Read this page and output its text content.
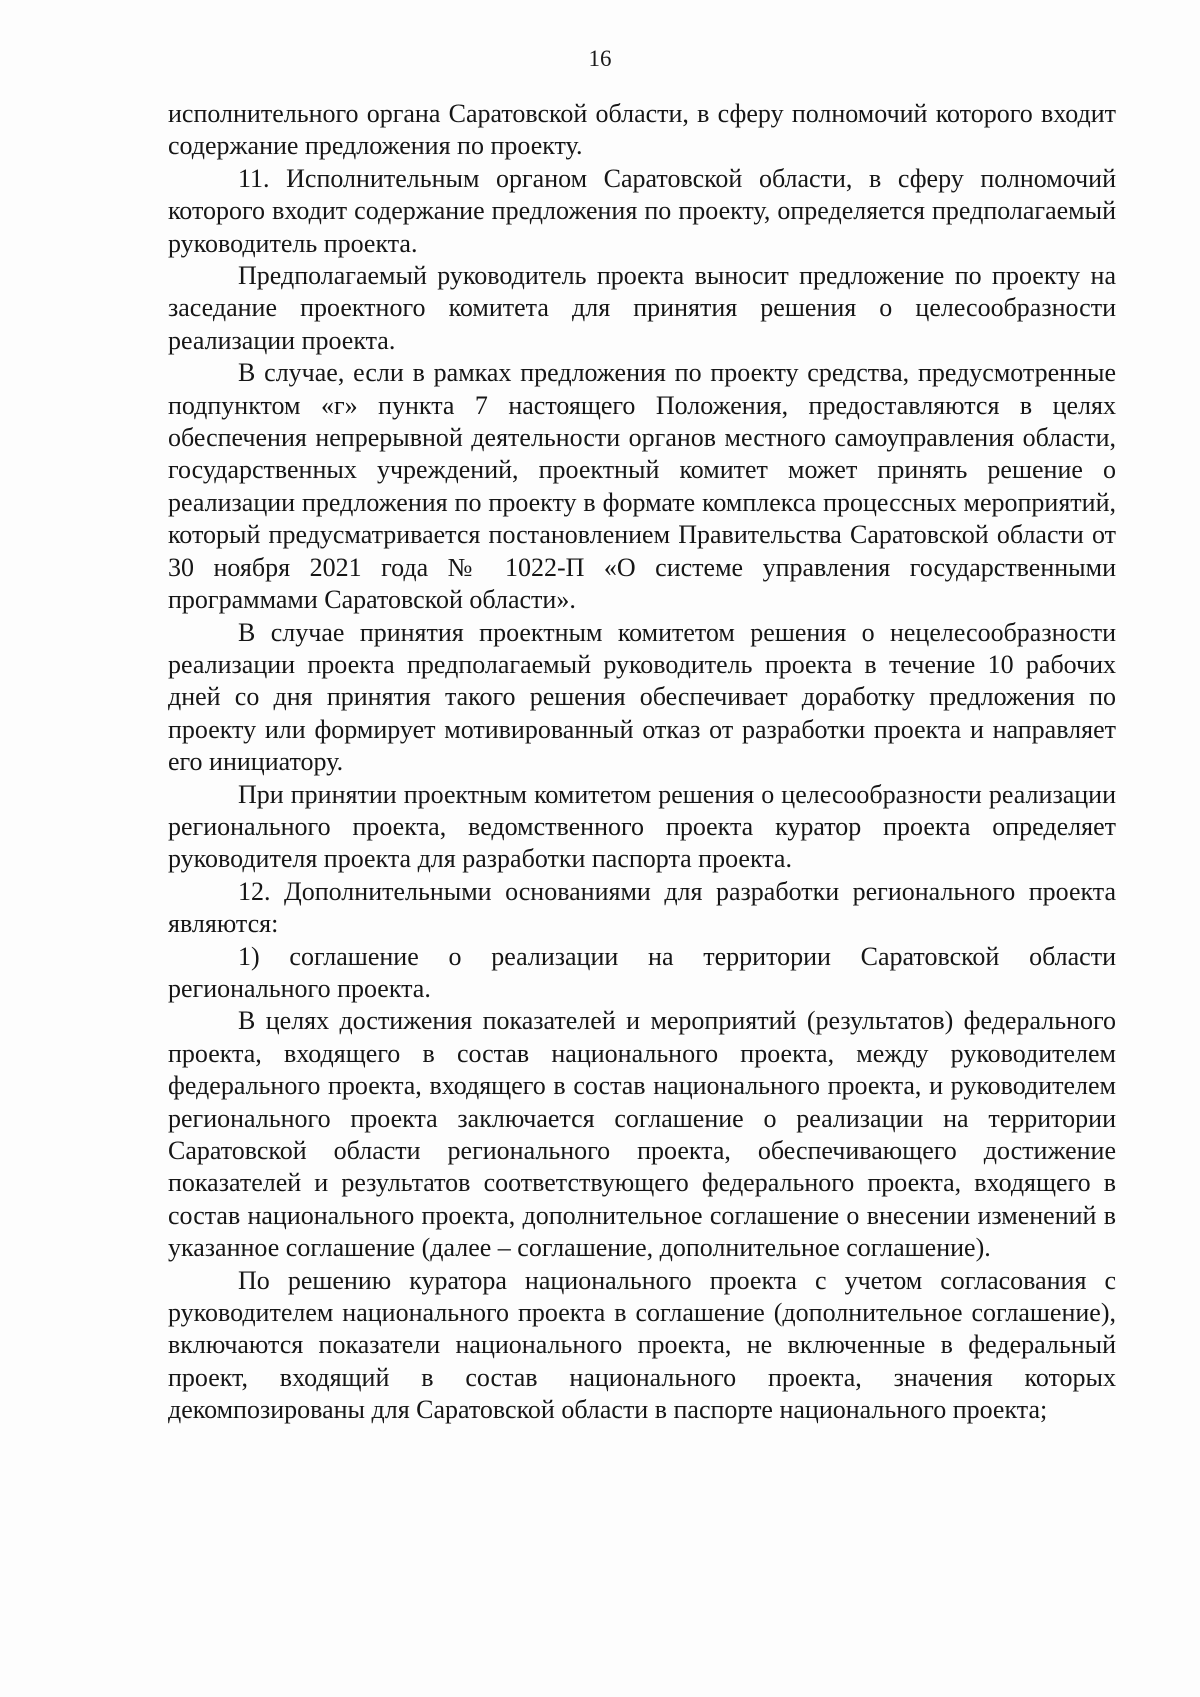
16

исполнительного органа Саратовской области, в сферу полномочий которого входит содержание предложения по проекту.

11. Исполнительным органом Саратовской области, в сферу полномочий которого входит содержание предложения по проекту, определяется предполагаемый руководитель проекта.

Предполагаемый руководитель проекта выносит предложение по проекту на заседание проектного комитета для принятия решения о целесообразности реализации проекта.

В случае, если в рамках предложения по проекту средства, предусмотренные подпунктом «г» пункта 7 настоящего Положения, предоставляются в целях обеспечения непрерывной деятельности органов местного самоуправления области, государственных учреждений, проектный комитет может принять решение о реализации предложения по проекту в формате комплекса процессных мероприятий, который предусматривается постановлением Правительства Саратовской области от 30 ноября 2021 года № 1022-П «О системе управления государственными программами Саратовской области».

В случае принятия проектным комитетом решения о нецелесообразности реализации проекта предполагаемый руководитель проекта в течение 10 рабочих дней со дня принятия такого решения обеспечивает доработку предложения по проекту или формирует мотивированный отказ от разработки проекта и направляет его инициатору.

При принятии проектным комитетом решения о целесообразности реализации регионального проекта, ведомственного проекта куратор проекта определяет руководителя проекта для разработки паспорта проекта.

12. Дополнительными основаниями для разработки регионального проекта являются:

1) соглашение о реализации на территории Саратовской области регионального проекта.

В целях достижения показателей и мероприятий (результатов) федерального проекта, входящего в состав национального проекта, между руководителем федерального проекта, входящего в состав национального проекта, и руководителем регионального проекта заключается соглашение о реализации на территории Саратовской области регионального проекта, обеспечивающего достижение показателей и результатов соответствующего федерального проекта, входящего в состав национального проекта, дополнительное соглашение о внесении изменений в указанное соглашение (далее – соглашение, дополнительное соглашение).

По решению куратора национального проекта с учетом согласования с руководителем национального проекта в соглашение (дополнительное соглашение), включаются показатели национального проекта, не включенные в федеральный проект, входящий в состав национального проекта, значения которых декомпозированы для Саратовской области в паспорте национального проекта;
